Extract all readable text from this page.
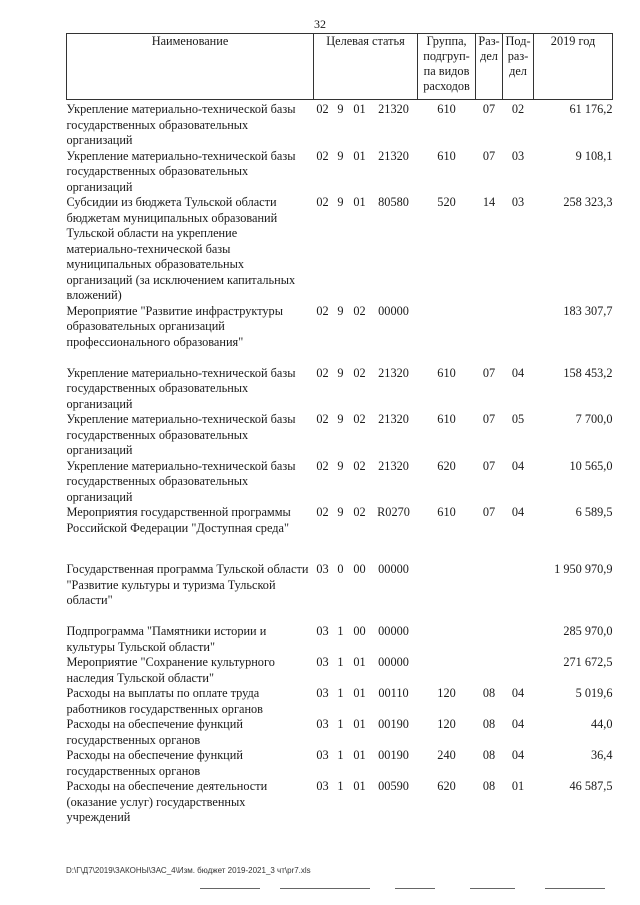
32
Наименование	Целевая статья				Группа, подгруп-па видов расходов	Раз-дел	Под-раз-дел	2019 год
Укрепление материально-технической базы государственных образовательных организаций	02	9	01	21320	610	07	02	61 176,2
Укрепление материально-технической базы государственных образовательных организаций	02	9	01	21320	610	07	03	9 108,1
Субсидии из бюджета Тульской области бюджетам муниципальных образований Тульской области на укрепление материально-технической базы муниципальных образовательных организаций (за исключением капитальных вложений)	02	9	01	80580	520	14	03	258 323,3
Мероприятие "Развитие инфраструктуры образовательных организаций профессионального образования"	02	9	02	00000				183 307,7
Укрепление материально-технической базы государственных образовательных организаций	02	9	02	21320	610	07	04	158 453,2
Укрепление материально-технической базы государственных образовательных организаций	02	9	02	21320	610	07	05	7 700,0
Укрепление материально-технической базы государственных образовательных организаций	02	9	02	21320	620	07	04	10 565,0
Мероприятия государственной программы Российской Федерации "Доступная среда"	02	9	02	R0270	610	07	04	6 589,5

Государственная программа Тульской области "Развитие культуры и туризма Тульской области"	03	0	00	00000				1 950 970,9
Подпрограмма "Памятники истории и культуры Тульской области"	03	1	00	00000				285 970,0
Мероприятие "Сохранение культурного наследия Тульской области"	03	1	01	00000				271 672,5
Расходы на выплаты по оплате труда работников государственных органов	03	1	01	00110	120	08	04	5 019,6
Расходы на обеспечение функций государственных органов	03	1	01	00190	120	08	04	44,0
Расходы на обеспечение функций государственных органов	03	1	01	00190	240	08	04	36,4
Расходы на обеспечение деятельности (оказание услуг) государственных учреждений	03	1	01	00590	620	08	01	46 587,5
D:\Г\Д7\2019\ЗАКОНЫ\ЗАС_4\Изм. бюджет 2019-2021_3 чт\pr7.xls
